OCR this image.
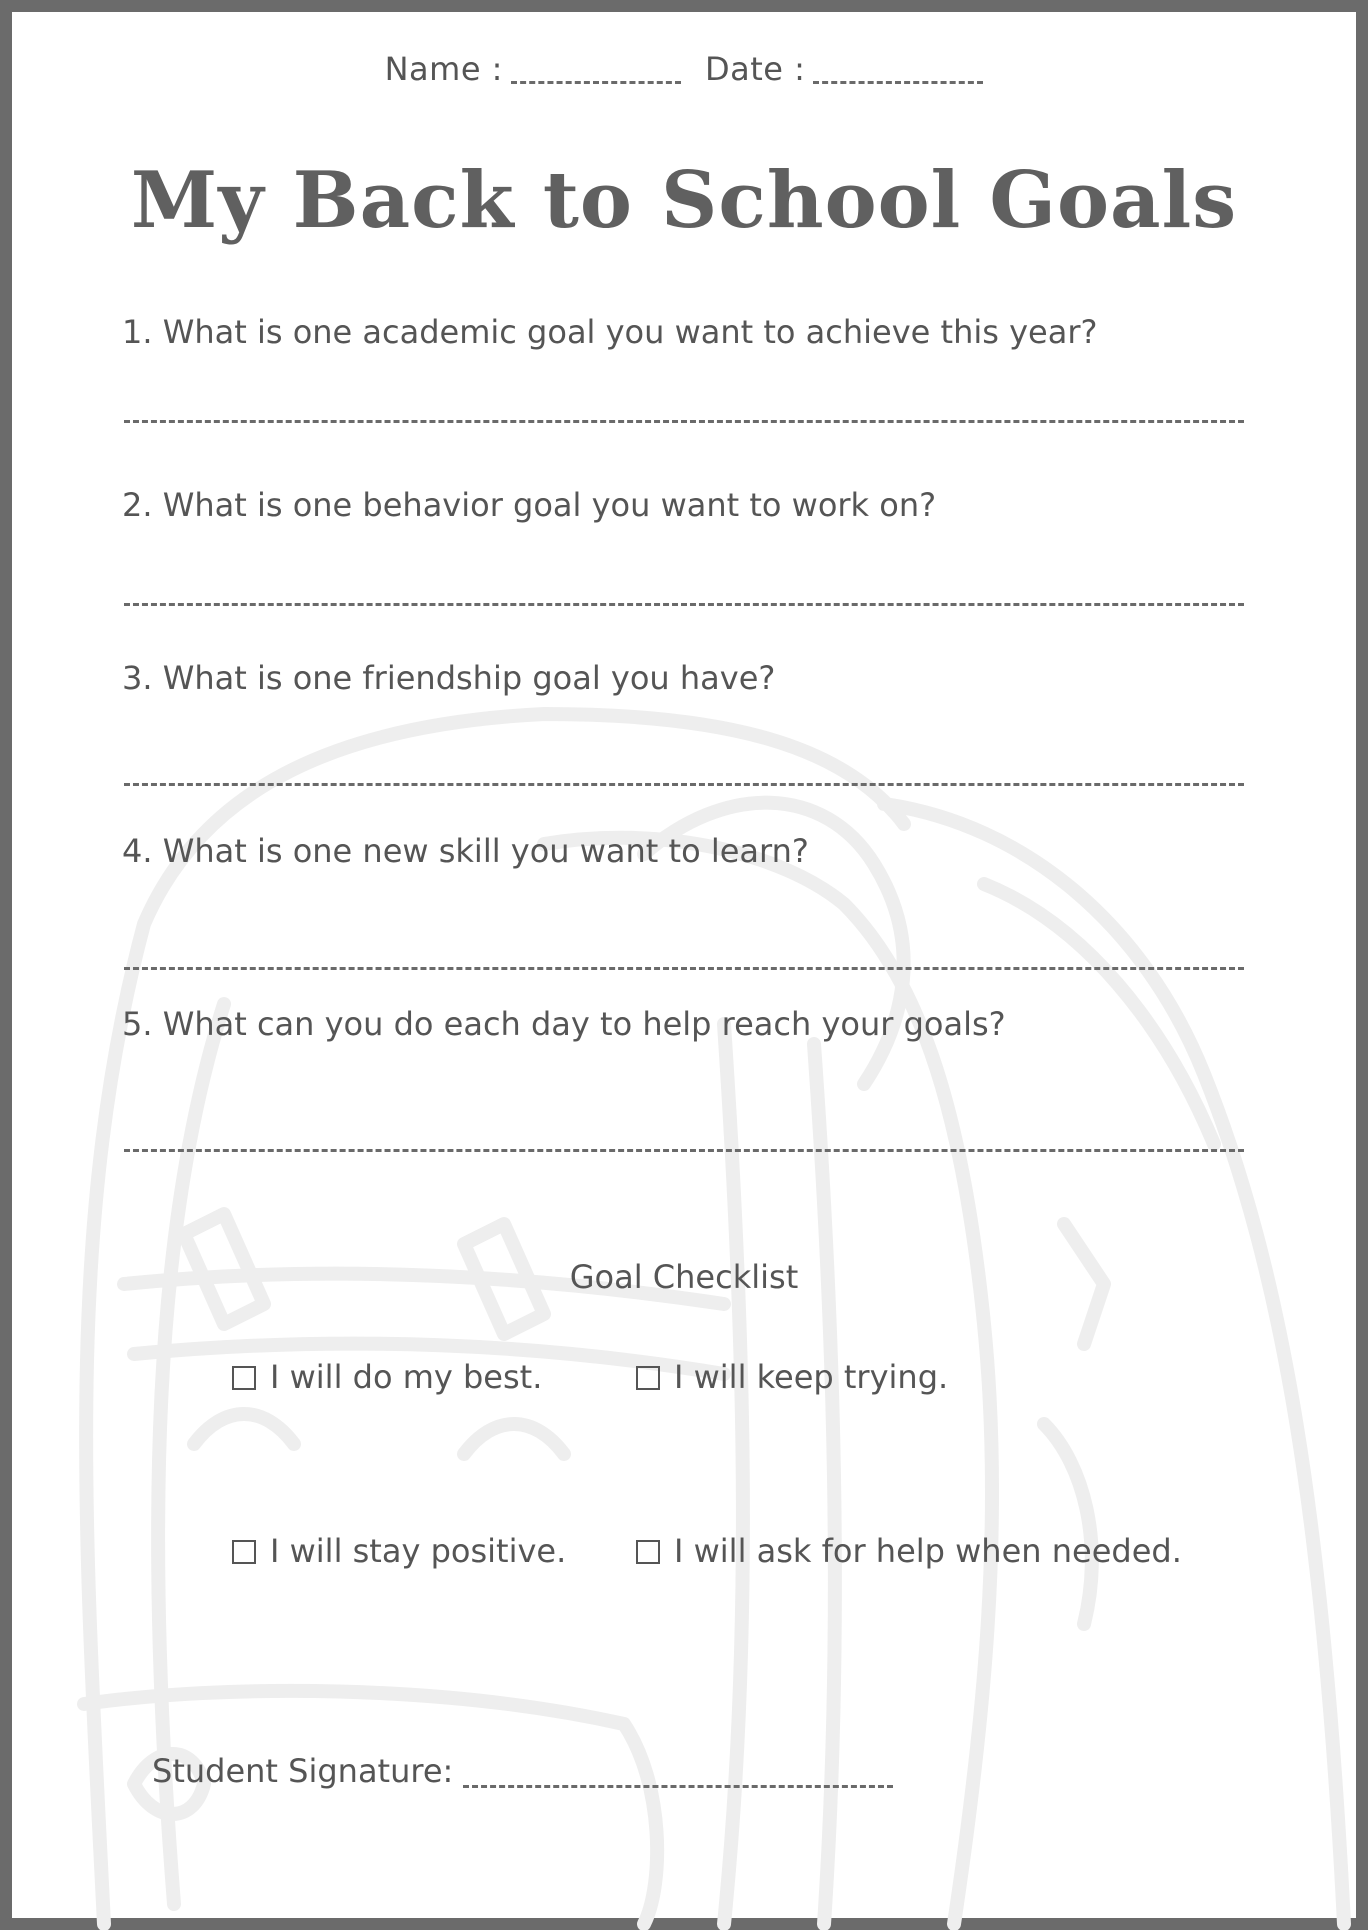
Name :	Date :
My Back to School Goals
1. What is one academic goal you want to achieve this year?
2. What is one behavior goal you want to work on?
3. What is one friendship goal you have?
4. What is one new skill you want to learn?
5. What can you do each day to help reach your goals?
Goal Checklist
I will do my best.	I will keep trying.
I will stay positive.	I will ask for help when needed.
Student Signature:
